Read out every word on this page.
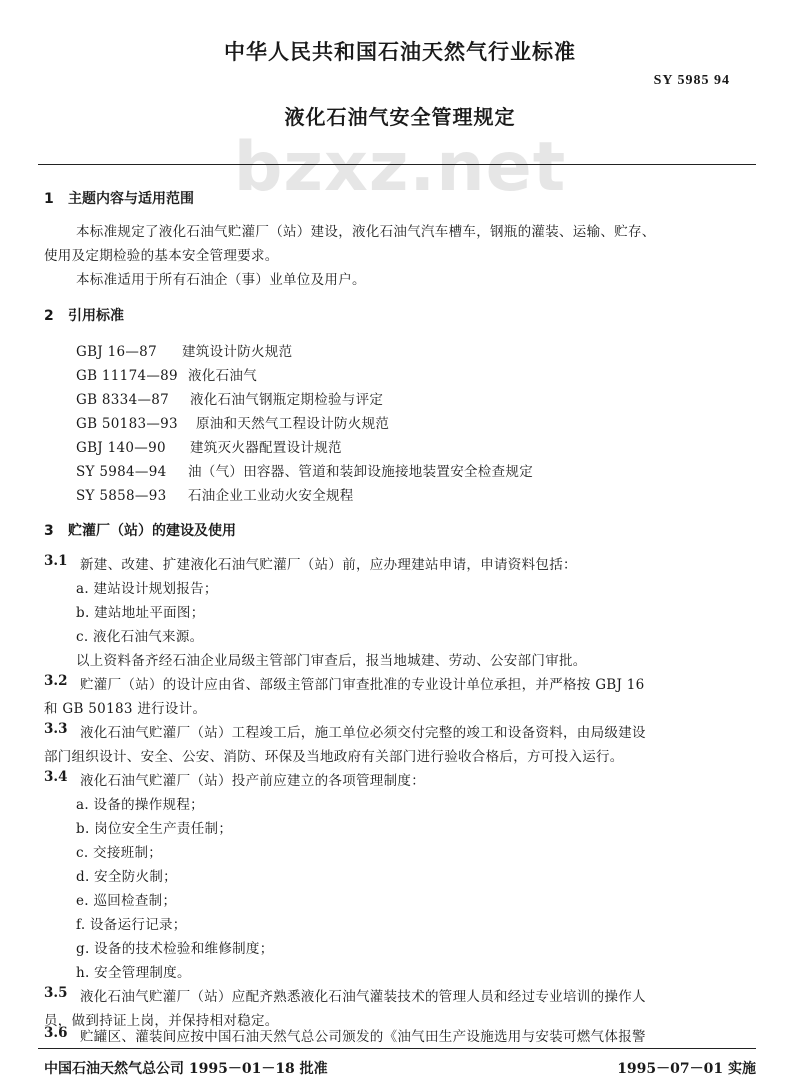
bzxz.net
中华人民共和国石油天然气行业标准
SY 5985 94
液化石油气安全管理规定
1 主题内容与适用范围
本标准规定了液化石油气贮灌厂（站）建设，液化石油气汽车槽车，钢瓶的灌装、运输、贮存、
使用及定期检验的基本安全管理要求。
本标准适用于所有石油企（事）业单位及用户。
2 引用标准
GBJ 16—87 建筑设计防火规范
GB 11174—89 液化石油气
GB 8334—87 液化石油气钢瓶定期检验与评定
GB 50183—93 原油和天然气工程设计防火规范
GBJ 140—90 建筑灭火器配置设计规范
SY 5984—94 油（气）田容器、管道和装卸设施接地装置安全检查规定
SY 5858—93 石油企业工业动火安全规程
3 贮灌厂（站）的建设及使用
3.1 新建、改建、扩建液化石油气贮灌厂（站）前，应办理建站申请，申请资料包括：
a. 建站设计规划报告；
b. 建站地址平面图；
c. 液化石油气来源。
以上资料备齐经石油企业局级主管部门审查后，报当地城建、劳动、公安部门审批。
3.2 贮灌厂（站）的设计应由省、部级主管部门审查批准的专业设计单位承担，并严格按 GBJ 16
和 GB 50183 进行设计。
3.3 液化石油气贮灌厂（站）工程竣工后，施工单位必须交付完整的竣工和设备资料，由局级建设
部门组织设计、安全、公安、消防、环保及当地政府有关部门进行验收合格后，方可投入运行。
3.4 液化石油气贮灌厂（站）投产前应建立的各项管理制度：
a. 设备的操作规程；
b. 岗位安全生产责任制；
c. 交接班制；
d. 安全防火制；
e. 巡回检查制；
f. 设备运行记录；
g. 设备的技术检验和维修制度；
h. 安全管理制度。
3.5 液化石油气贮灌厂（站）应配齐熟悉液化石油气灌装技术的管理人员和经过专业培训的操作人
员，做到持证上岗，并保持相对稳定。
3.6 贮罐区、灌装间应按中国石油天然气总公司颁发的《油气田生产设施选用与安装可燃气体报警
中国石油天然气总公司 1995－01－18 批准	1995－07－01 实施
